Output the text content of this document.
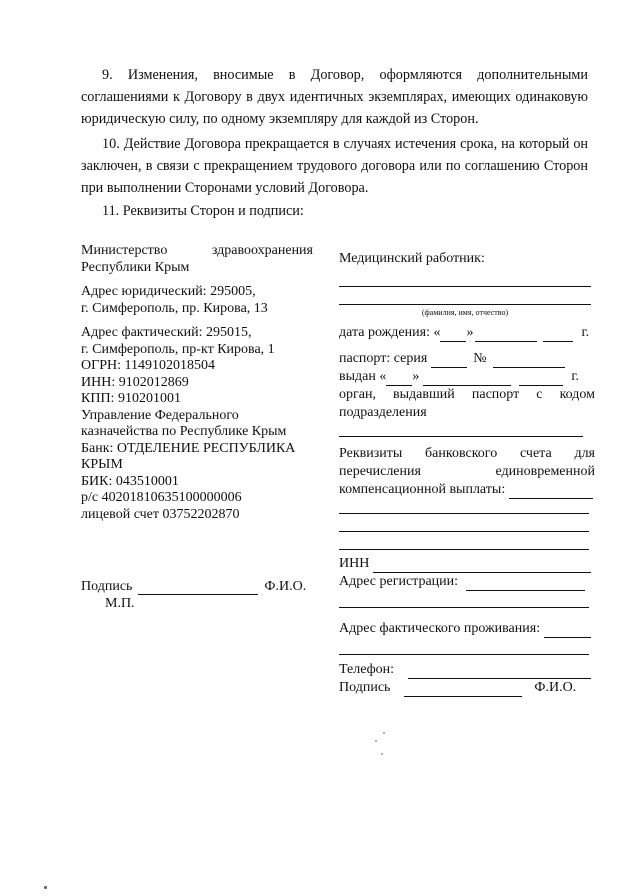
9. Изменения, вносимые в Договор, оформляются дополнительными соглашениями к Договору в двух идентичных экземплярах, имеющих одинаковую юридическую силу, по одному экземпляру для каждой из Сторон.

10. Действие Договора прекращается в случаях истечения срока, на который он заключен, в связи с прекращением трудового договора или по соглашению Сторон при выполнении Сторонами условий Договора.

11. Реквизиты Сторон и подписи:

Министерство здравоохранения
Республики Крым
Адрес юридический: 295005,
г. Симферополь, пр. Кирова, 13
Адрес фактический: 295015,
г. Симферополь, пр-кт Кирова, 1
ОГРН: 1149102018504
ИНН: 9102012869
КПП: 910201001
Управление Федерального
казначейства по Республике Крым
Банк: ОТДЕЛЕНИЕ РЕСПУБЛИКА
КРЫМ
БИК: 043510001
р/с 40201810635100000006
лицевой счет 03752202870
Подпись	Ф.И.О.
М.П.
Медицинский работник:
(фамилия, имя, отчество)
дата рождения: « »	г.
паспорт: серия	№
выдан « »	г.
орган, выдавший паспорт с кодом
подразделения
Реквизиты банковского счета для
перечисления единовременной
компенсационной выплаты:
ИНН
Адрес регистрации:
Адрес фактического проживания:
Телефон:
Подпись	Ф.И.О.
